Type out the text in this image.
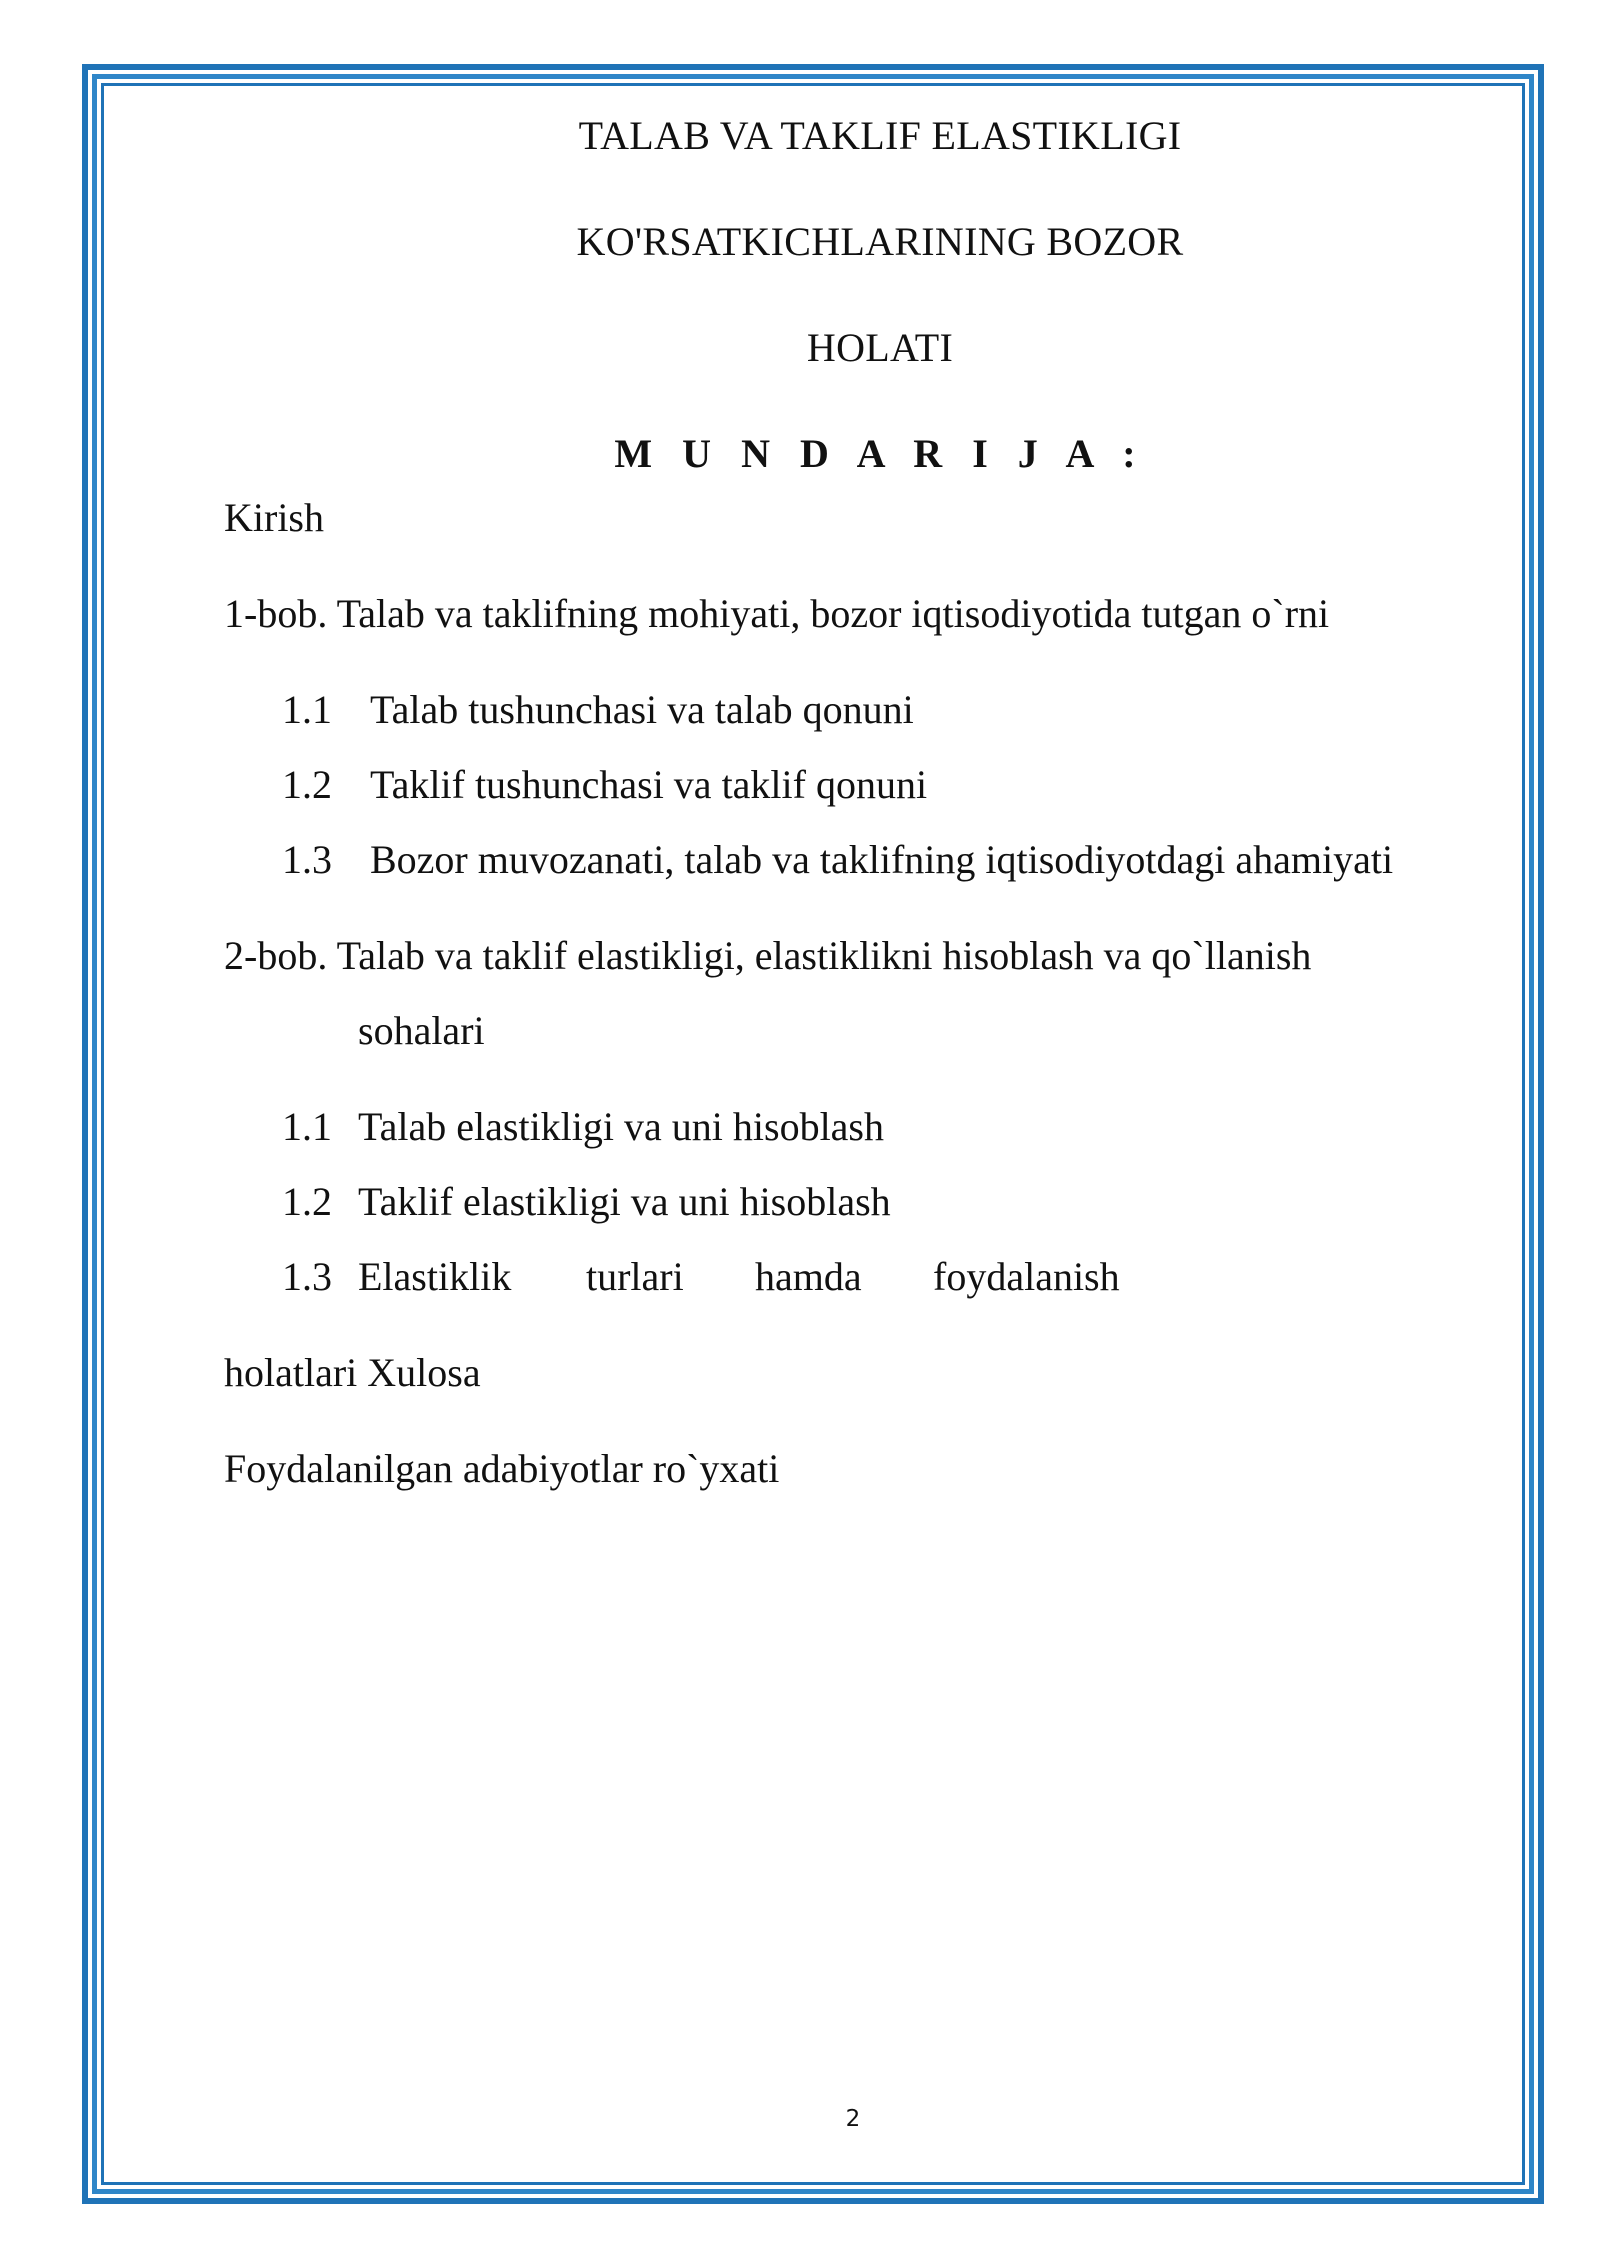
TALAB VA TAKLIF ELASTIKLIGI
KO'RSATKICHLARINING BOZOR
HOLATI
M U N D A R I J A :
Kirish
1-bob. Talab va taklifning mohiyati, bozor iqtisodiyotida tutgan o`rni
1.1 Talab tushunchasi va talab qonuni
1.2 Taklif tushunchasi va taklif qonuni
1.3 Bozor muvozanati, talab va taklifning iqtisodiyotdagi ahamiyati
2-bob. Talab va taklif elastikligi, elastiklikni hisoblash va qo`llanish
sohalari
1.1 Talab elastikligi va uni hisoblash
1.2 Taklif elastikligi va uni hisoblash
1.3 Elastiklik turlari hamda foydalanish
holatlari Xulosa
Foydalanilgan adabiyotlar ro`yxati
2
